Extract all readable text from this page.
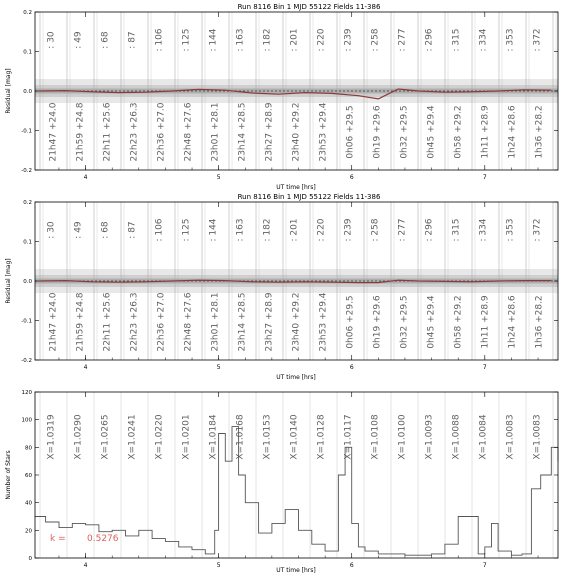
Run 8116 Bin 1 MJD 55122 Fields 11-386
: 30
21h47 +24.0
: 49
21h59 +24.8
: 68
22h11 +25.6
: 87
22h23 +26.3
: 106
22h36 +27.0
: 125
22h48 +27.6
: 144
23h01 +28.1
: 163
23h14 +28.5
: 182
23h27 +28.9
: 201
23h40 +29.2
: 220
23h53 +29.4
: 239
0h06 +29.5
: 258
0h19 +29.6
: 277
0h32 +29.5
: 296
0h45 +29.4
: 315
0h58 +29.2
: 334
1h11 +28.9
: 353
1h24 +28.6
: 372
1h36 +28.2
Residual [mag]
UT time [hrs]
-0.2
-0.1
0.0
0.1
0.2
4	5	6	7
Run 8116 Bin 1 MJD 55122 Fields 11-386
: 30
21h47 +24.0
: 49
21h59 +24.8
: 68
22h11 +25.6
: 87
22h23 +26.3
: 106
22h36 +27.0
: 125
22h48 +27.6
: 144
23h01 +28.1
: 163
23h14 +28.5
: 182
23h27 +28.9
: 201
23h40 +29.2
: 220
23h53 +29.4
: 239
0h06 +29.5
: 258
0h19 +29.6
: 277
0h32 +29.5
: 296
0h45 +29.4
: 315
0h58 +29.2
: 334
1h11 +28.9
: 353
1h24 +28.6
: 372
1h36 +28.2
Residual [mag]
UT time [hrs]
-0.2
-0.1
0.0
0.1
0.2
4	5	6	7
X=1.0319 X=1.0290 X=1.0265 X=1.0241 X=1.0220 X=1.0201 X=1.0184 X=1.0168 X=1.0153 X=1.0140 X=1.0128 X=1.0117 X=1.0108 X=1.0100 X=1.0093 X=1.0088 X=1.0084 X=1.0083 X=1.0083
Number of Stars
UT time [hrs]
k = 0.5276
0
20
40
60
80
100
120
4	5	6	7
